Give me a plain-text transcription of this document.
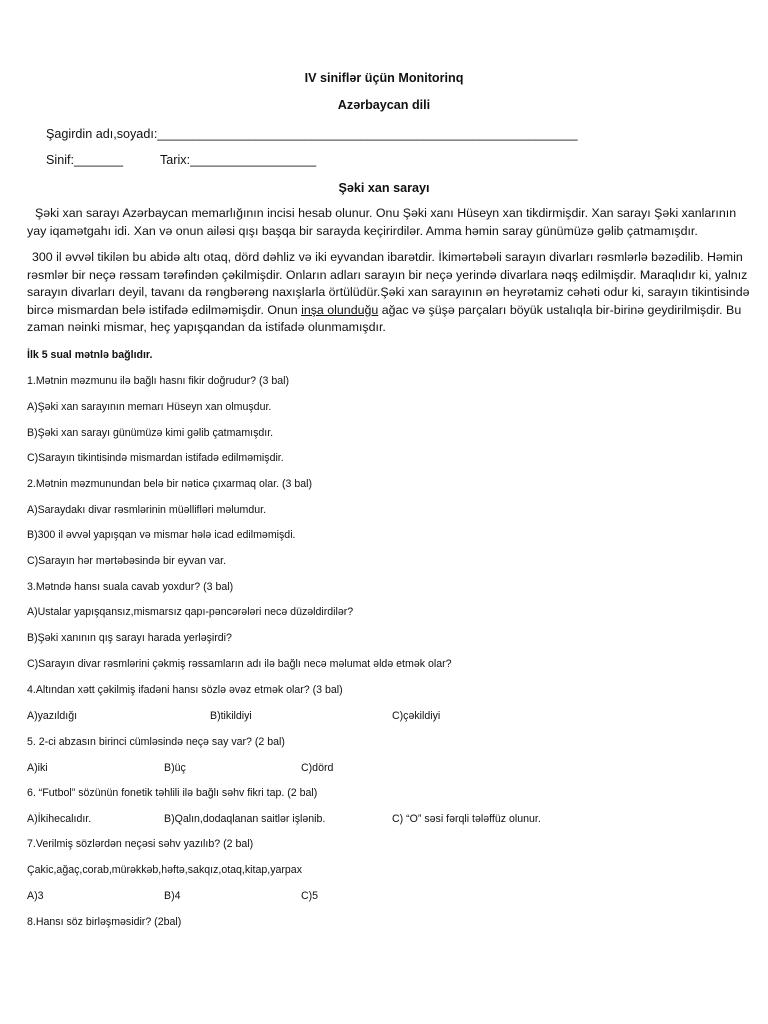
IV siniflər üçün Monitorinq
Azərbaycan dili
Şagirdin adı,soyadı:____________________________________________________________
Sinif:_______	Tarix:__________________
Şəki xan sarayı
Şəki xan sarayı Azərbaycan memarlığının incisi hesab olunur. Onu Şəki xanı Hüseyn xan tikdirmişdir. Xan sarayı Şəki xanlarının yay iqamətgahı idi. Xan və onun ailəsi qışı başqa bir sarayda keçirirdilər. Amma həmin saray günümüzə gəlib çatmamışdır.
300 il əvvəl tikilən bu abidə altı otaq, dörd dəhliz və iki eyvandan ibarətdir. İkimərtəbəli sarayın divarları rəsmlərlə bəzədilib. Həmin rəsmlər bir neçə rəssam tərəfindən çəkilmişdir. Onların adları sarayın bir neçə yerində divarlara nəqş edilmişdir. Maraqlıdır ki, yalnız sarayın divarları deyil, tavanı da rəngbərəng naxışlarla örtülüdür.Şəki xan sarayının ən heyrətamiz cəhəti odur ki, sarayın tikintisində bircə mismardan belə istifadə edilməmişdir. Onun inşa olunduğu ağac və şüşə parçaları böyük ustalıqla bir-birinə geydirilmişdir. Bu zaman nəinki mismar, heç yapışqandan da istifadə olunmamışdır.
İlk 5 sual mətnlə bağlıdır.
1.Mətnin məzmunu ilə bağlı hasnı fikir doğrudur? (3 bal)
A)Şəki xan sarayının memarı Hüseyn xan olmuşdur.
B)Şəki xan sarayı günümüzə kimi gəlib çatmamışdır.
C)Sarayın tikintisində mismardan istifadə edilməmişdir.
2.Mətnin məzmunundan belə bir nəticə çıxarmaq olar. (3 bal)
A)Saraydakı divar rəsmlərinin müəllifləri məlumdur.
B)300 il əvvəl yapışqan və mismar hələ icad edilməmişdi.
C)Sarayın hər mərtəbəsində bir eyvan var.
3.Mətndə hansı suala cavab yoxdur? (3 bal)
A)Ustalar yapışqansız,mismarsız qapı-pəncərələri necə düzəldirdilər?
B)Şəki xanının qış sarayı harada yerləşirdi?
C)Sarayın divar rəsmlərini çəkmiş rəssamların adı ilə bağlı necə məlumat əldə etmək olar?
4.Altından xətt çəkilmiş ifadəni hansı sözlə əvəz etmək olar? (3 bal)
A)yazıldığı	B)tikildiyi	C)çəkildiyi
5. 2-ci abzasın birinci cümləsində neçə say var? (2 bal)
A)iki	B)üç	C)dörd
6. “Futbol” sözünün fonetik təhlili ilə bağlı səhv fikri tap. (2 bal)
A)İkihecalıdır.	B)Qalın,dodaqlanan saitlər işlənib.	C) “O” səsi fərqli tələffüz olunur.
7.Verilmiş sözlərdən neçəsi səhv yazılıb? (2 bal)
Çakic,ağaç,corab,mürəkkəb,həftə,sakqız,otaq,kitap,yarpax
A)3	B)4	C)5
8.Hansı söz birləşməsidir? (2bal)
